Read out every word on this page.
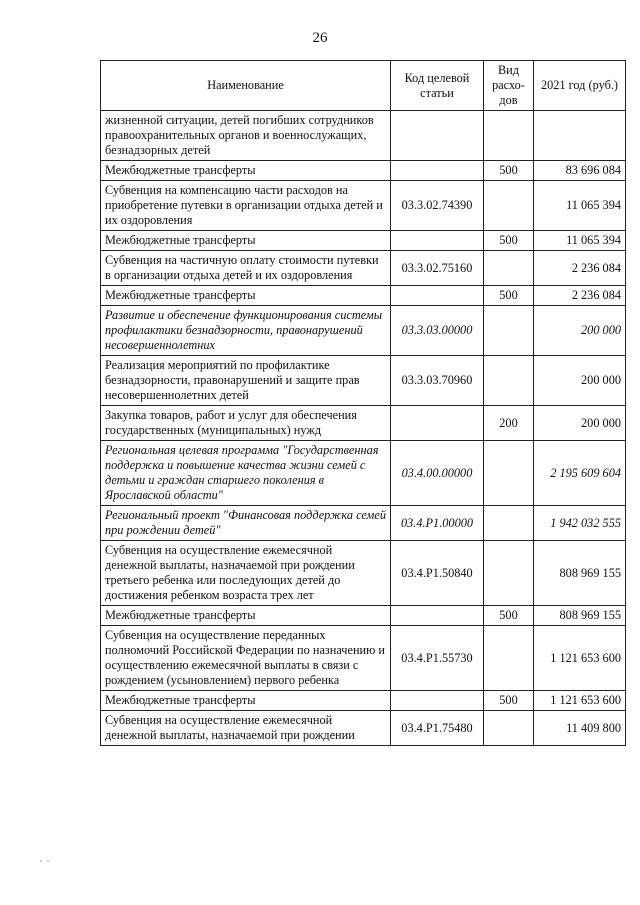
26
Наименование	Код целевой статьи	Вид расхо-дов	2021 год (руб.)
жизненной ситуации, детей погибших сотрудников правоохранительных органов и военнослужащих, безнадзорных детей			
Межбюджетные трансферты		500	83 696 084
Субвенция на компенсацию части расходов на приобретение путевки в организации отдыха детей и их оздоровления	03.3.02.74390		11 065 394
Межбюджетные трансферты		500	11 065 394
Субвенция на частичную оплату стоимости путевки в организации отдыха детей и их оздоровления	03.3.02.75160		2 236 084
Межбюджетные трансферты		500	2 236 084
Развитие и обеспечение функционирования системы профилактики безнадзорности, правонарушений несовершеннолетних	03.3.03.00000		200 000
Реализация мероприятий по профилактике безнадзорности, правонарушений и защите прав несовершеннолетних детей	03.3.03.70960		200 000
Закупка товаров, работ и услуг для обеспечения государственных (муниципальных) нужд		200	200 000
Региональная целевая программа "Государственная поддержка и повышение качества жизни семей с детьми и граждан старшего поколения в Ярославской области"	03.4.00.00000		2 195 609 604
Региональный проект "Финансовая поддержка семей при рождении детей"	03.4.P1.00000		1 942 032 555
Субвенция на осуществление ежемесячной денежной выплаты, назначаемой при рождении третьего ребенка или последующих детей до достижения ребенком возраста трех лет	03.4.P1.50840		808 969 155
Межбюджетные трансферты		500	808 969 155
Субвенция на осуществление переданных полномочий Российской Федерации по назначению и осуществлению ежемесячной выплаты в связи с рождением (усыновлением) первого ребенка	03.4.P1.55730		1 121 653 600
Межбюджетные трансферты		500	1 121 653 600
Субвенция на осуществление ежемесячной денежной выплаты, назначаемой при рождении	03.4.P1.75480		11 409 800
